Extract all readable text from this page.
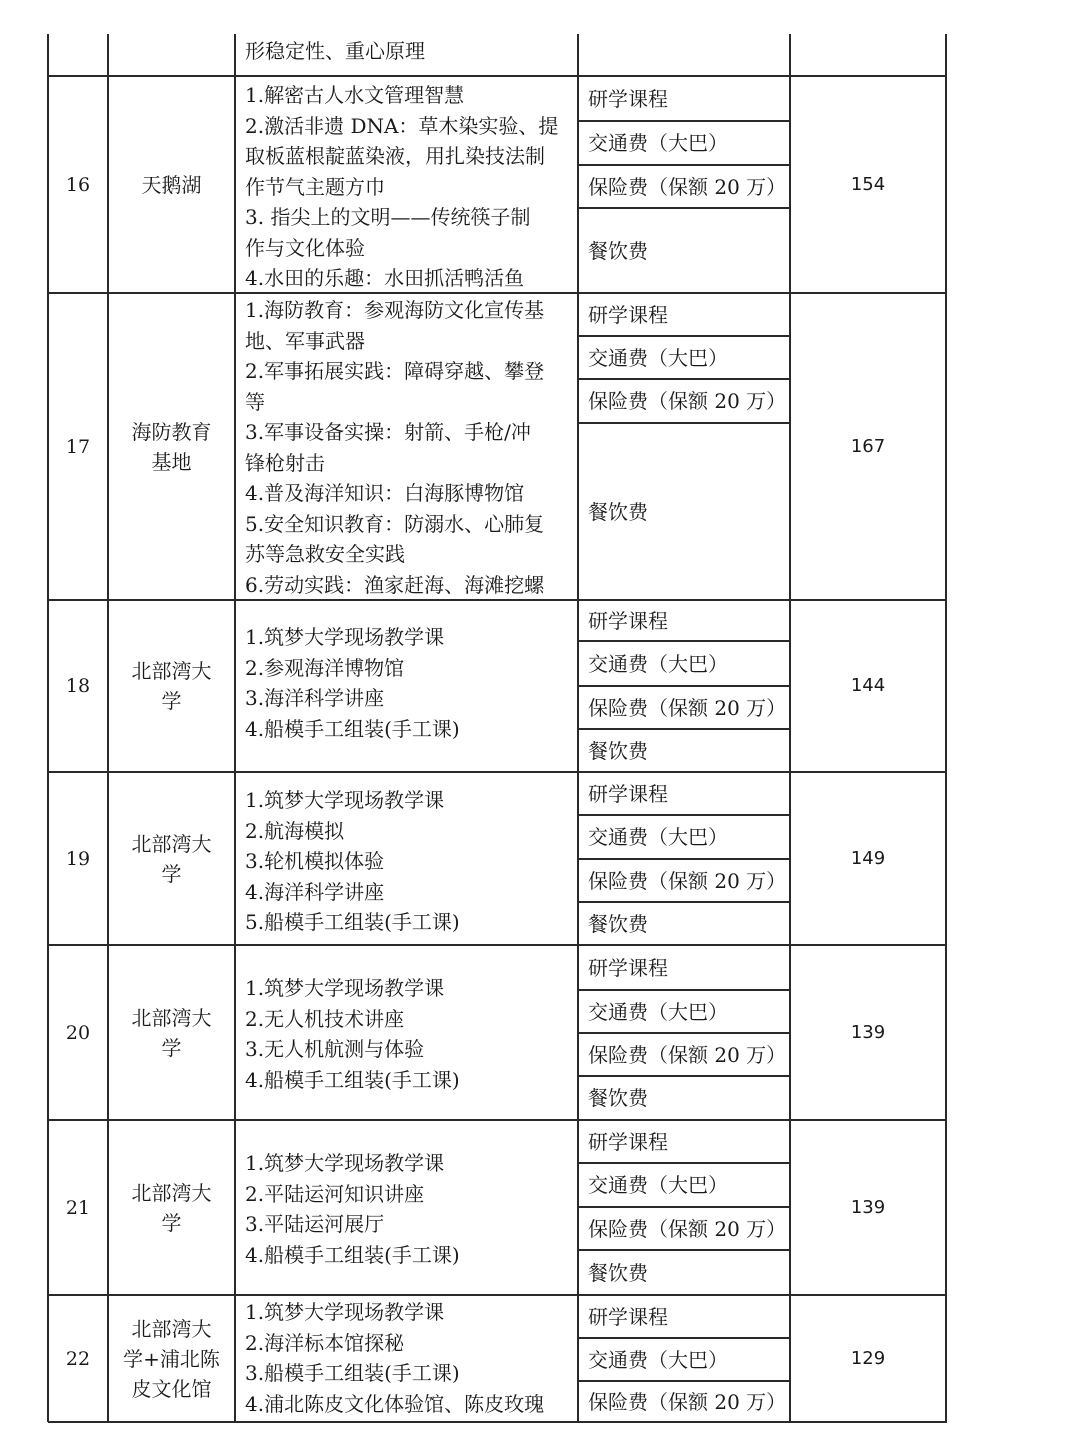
形稳定性、重心原理
16	天鹅湖
1.解密古人水文管理智慧
2.激活非遗 DNA：草木染实验、提
取板蓝根靛蓝染液，用扎染技法制
作节气主题方巾
3. 指尖上的文明——传统筷子制
作与文化体验
4.水田的乐趣：水田抓活鸭活鱼
研学课程
交通费（大巴）
保险费（保额 20 万）
餐饮费
154
17
海防教育
基地
1.海防教育：参观海防文化宣传基
地、军事武器
2.军事拓展实践：障碍穿越、攀登
等
3.军事设备实操：射箭、手枪/冲
锋枪射击
4.普及海洋知识：白海豚博物馆
5.安全知识教育：防溺水、心肺复
苏等急救安全实践
6.劳动实践：渔家赶海、海滩挖螺
研学课程
交通费（大巴）
保险费（保额 20 万）
餐饮费
167
18
北部湾大
学
1.筑梦大学现场教学课
2.参观海洋博物馆
3.海洋科学讲座
4.船模手工组装(手工课)
研学课程
交通费（大巴）
保险费（保额 20 万）
餐饮费
144
19
北部湾大
学
1.筑梦大学现场教学课
2.航海模拟
3.轮机模拟体验
4.海洋科学讲座
5.船模手工组装(手工课)
研学课程
交通费（大巴）
保险费（保额 20 万）
餐饮费
149
20
北部湾大
学
1.筑梦大学现场教学课
2.无人机技术讲座
3.无人机航测与体验
4.船模手工组装(手工课)
研学课程
交通费（大巴）
保险费（保额 20 万）
餐饮费
139
21
北部湾大
学
1.筑梦大学现场教学课
2.平陆运河知识讲座
3.平陆运河展厅
4.船模手工组装(手工课)
研学课程
交通费（大巴）
保险费（保额 20 万）
餐饮费
139
22
北部湾大
学+浦北陈
皮文化馆
1.筑梦大学现场教学课
2.海洋标本馆探秘
3.船模手工组装(手工课)
4.浦北陈皮文化体验馆、陈皮玫瑰
研学课程
交通费（大巴）
保险费（保额 20 万）
129
